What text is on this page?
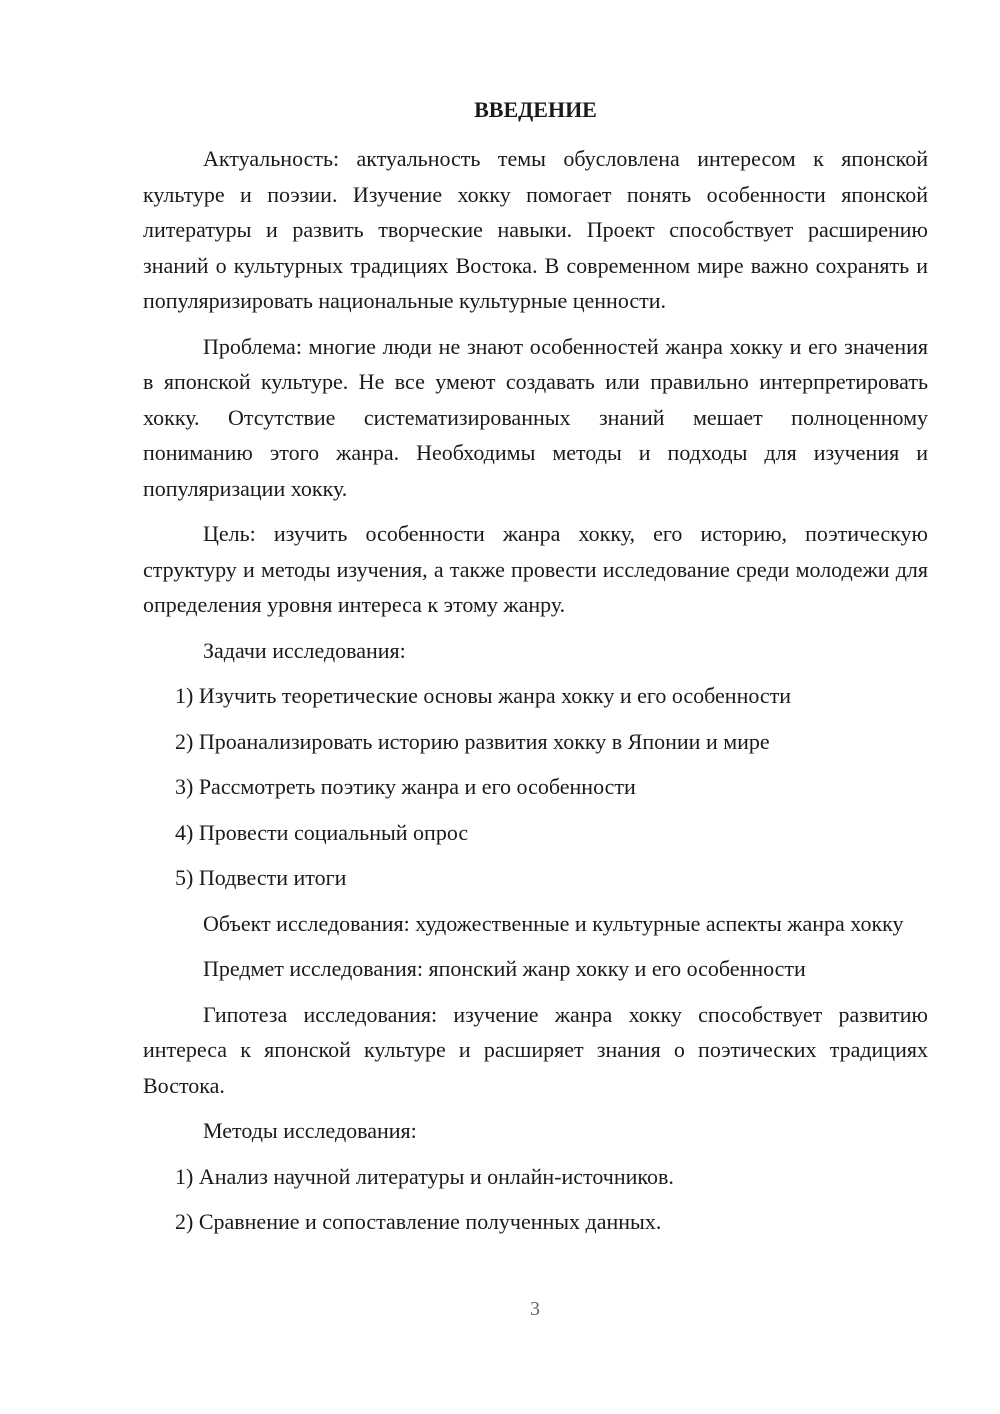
ВВЕДЕНИЕ

Актуальность: актуальность темы обусловлена интересом к японской культуре и поэзии. Изучение хокку помогает понять особенности японской литературы и развить творческие навыки. Проект способствует расширению знаний о культурных традициях Востока. В современном мире важно сохранять и популяризировать национальные культурные ценности.

Проблема: многие люди не знают особенностей жанра хокку и его значения в японской культуре. Не все умеют создавать или правильно интерпретировать хокку. Отсутствие систематизированных знаний мешает полноценному пониманию этого жанра. Необходимы методы и подходы для изучения и популяризации хокку.

Цель: изучить особенности жанра хокку, его историю, поэтическую структуру и методы изучения, а также провести исследование среди молодежи для определения уровня интереса к этому жанру.

Задачи исследования:
1) Изучить теоретические основы жанра хокку и его особенности
2) Проанализировать историю развития хокку в Японии и мире
3) Рассмотреть поэтику жанра и его особенности
4) Провести социальный опрос
5) Подвести итоги

Объект исследования: художественные и культурные аспекты жанра хокку

Предмет исследования: японский жанр хокку и его особенности

Гипотеза исследования: изучение жанра хокку способствует развитию интереса к японской культуре и расширяет знания о поэтических традициях Востока.

Методы исследования:
1) Анализ научной литературы и онлайн-источников.
2) Сравнение и сопоставление полученных данных.
3
